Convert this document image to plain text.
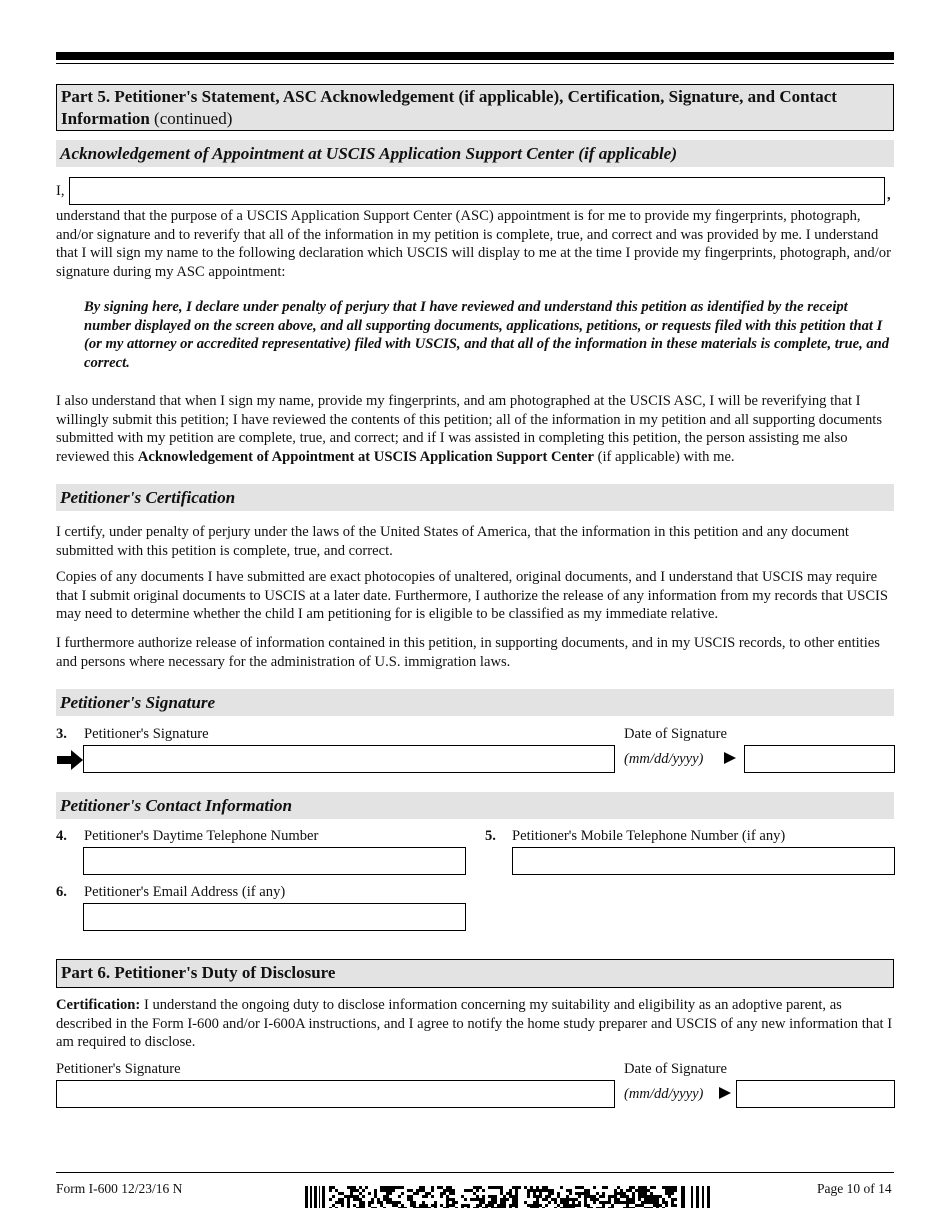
Part 5. Petitioner's Statement, ASC Acknowledgement (if applicable), Certification, Signature, and Contact Information (continued)
Acknowledgement of Appointment at USCIS Application Support Center (if applicable)
I,	,
understand that the purpose of a USCIS Application Support Center (ASC) appointment is for me to provide my fingerprints, photograph, and/or signature and to reverify that all of the information in my petition is complete, true, and correct and was provided by me. I understand that I will sign my name to the following declaration which USCIS will display to me at the time I provide my fingerprints, photograph, and/or signature during my ASC appointment:
By signing here, I declare under penalty of perjury that I have reviewed and understand this petition as identified by the receipt number displayed on the screen above, and all supporting documents, applications, petitions, or requests filed with this petition that I (or my attorney or accredited representative) filed with USCIS, and that all of the information in these materials is complete, true, and correct.
I also understand that when I sign my name, provide my fingerprints, and am photographed at the USCIS ASC, I will be reverifying that I willingly submit this petition; I have reviewed the contents of this petition; all of the information in my petition and all supporting documents submitted with my petition are complete, true, and correct; and if I was assisted in completing this petition, the person assisting me also reviewed this Acknowledgement of Appointment at USCIS Application Support Center (if applicable) with me.
Petitioner's Certification
I certify, under penalty of perjury under the laws of the United States of America, that the information in this petition and any document submitted with this petition is complete, true, and correct.
Copies of any documents I have submitted are exact photocopies of unaltered, original documents, and I understand that USCIS may require that I submit original documents to USCIS at a later date. Furthermore, I authorize the release of any information from my records that USCIS may need to determine whether the child I am petitioning for is eligible to be classified as my immediate relative.
I furthermore authorize release of information contained in this petition, in supporting documents, and in my USCIS records, to other entities and persons where necessary for the administration of U.S. immigration laws.
Petitioner's Signature
3. Petitioner's Signature	Date of Signature
(mm/dd/yyyy)
Petitioner's Contact Information
4. Petitioner's Daytime Telephone Number	5. Petitioner's Mobile Telephone Number (if any)
6. Petitioner's Email Address (if any)
Part 6. Petitioner's Duty of Disclosure
Certification: I understand the ongoing duty to disclose information concerning my suitability and eligibility as an adoptive parent, as described in the Form I-600 and/or I-600A instructions, and I agree to notify the home study preparer and USCIS of any new information that I am required to disclose.
Petitioner's Signature	Date of Signature
(mm/dd/yyyy)
Form I-600 12/23/16 N	Page 10 of 14
